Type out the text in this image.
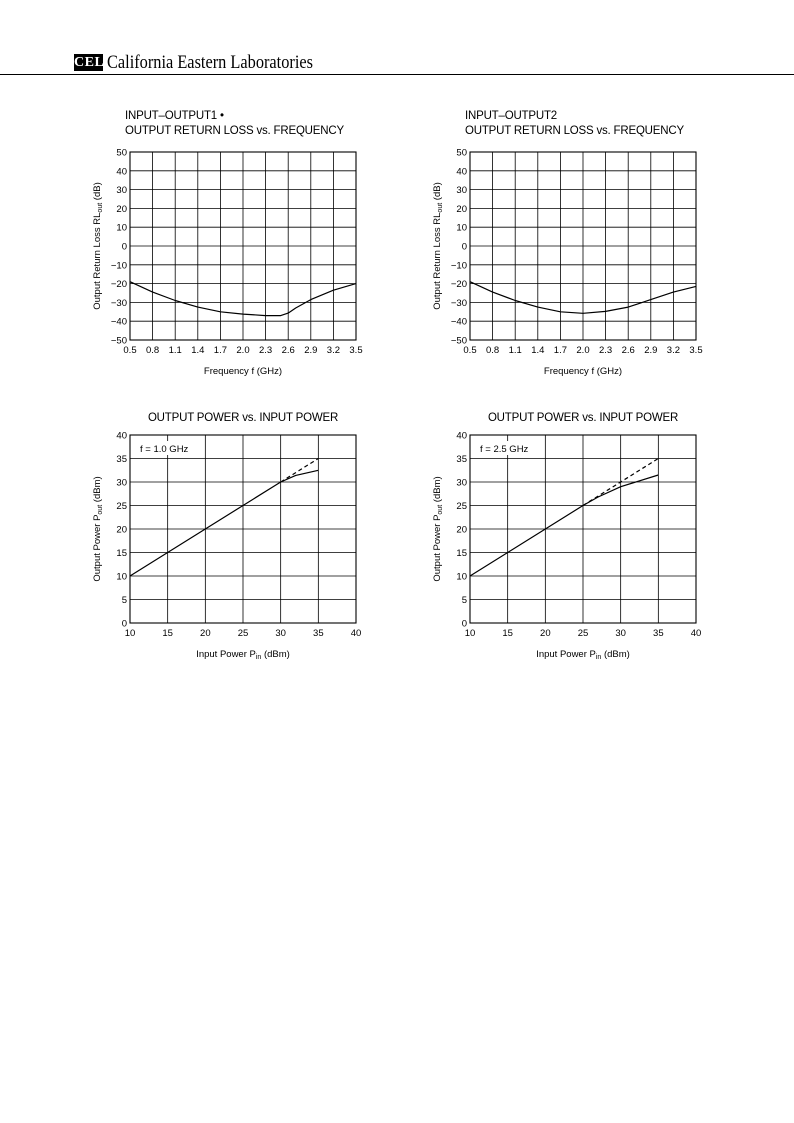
CEL California Eastern Laboratories
INPUT–OUTPUT1 •
OUTPUT RETURN LOSS vs. FREQUENCY
0.5 0.8 1.1 1.4 1.7 2.0 2.3 2.6 2.9 3.2 3.5
−50
−40
−30
−20
−10
0
10
20
30
40
50
Frequency f (GHz)
Output Return Loss $RL_{out}$ (dB)
INPUT–OUTPUT2
OUTPUT RETURN LOSS vs. FREQUENCY
0.5 0.8 1.1 1.4 1.7 2.0 2.3 2.6 2.9 3.2 3.5
−50
−40
−30
−20
−10
0
10
20
30
40
50
Frequency f (GHz)
Output Return Loss $RL_{out}$ (dB)
OUTPUT POWER vs. INPUT POWER
10	15	20	25	30	35	40
0
5
10
15
20
25
30
35
40
Input Power $P_{in}$ (dBm)
Output Power $P_{out}$ (dBm)
f = 1.0 GHz
OUTPUT POWER vs. INPUT POWER
10	15	20	25	30	35	40
0
5
10
15
20
25
30
35
40
Input Power $P_{in}$ (dBm)
Output Power $P_{out}$ (dBm)
f = 2.5 GHz
